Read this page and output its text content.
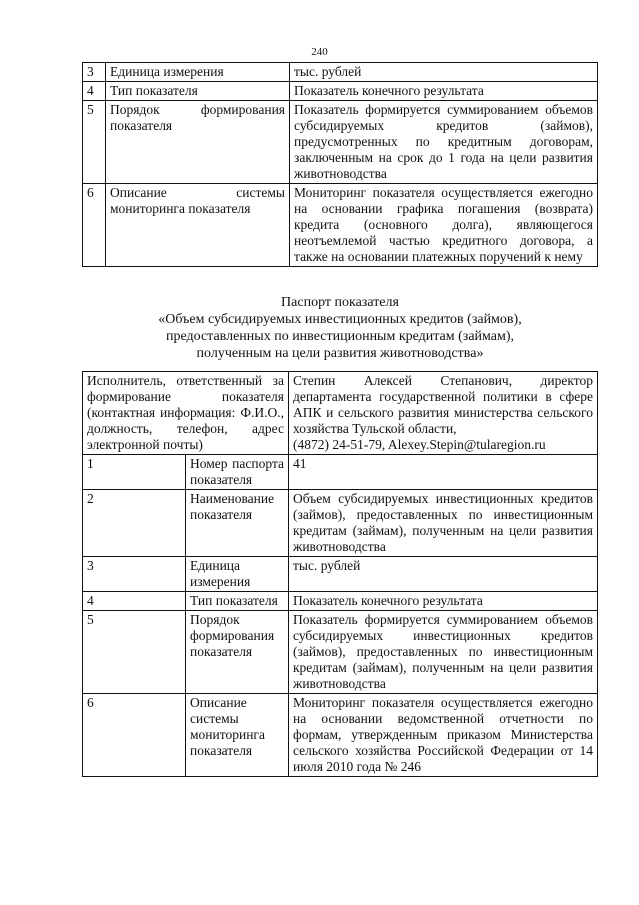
240
3	Единица измерения	тыс. рублей
4	Тип показателя	Показатель конечного результата
5	Порядок формирования показателя	Показатель формируется суммированием объемов субсидируемых кредитов (займов), предусмотренных по кредитным договорам, заключенным на срок до 1 года на цели развития животноводства
6	Описание системы мониторинга показателя	Мониторинг показателя осуществляется ежегодно на основании графика погашения (возврата) кредита (основного долга), являющегося неотъемлемой частью кредитного договора, а также на основании платежных поручений к нему
Паспорт показателя
«Объем субсидируемых инвестиционных кредитов (займов),
предоставленных по инвестиционным кредитам (займам),
полученным на цели развития животноводства»
Исполнитель, ответственный за формирование показателя (контактная информация: Ф.И.О., должность, телефон, адрес электронной почты)		Степин Алексей Степанович, директор департамента государственной политики в сфере АПК и сельского развития министерства сельского хозяйства Тульской области,
(4872) 24-51-79, Alexey.Stepin@tularegion.ru

1	Номер паспорта показателя	41
2	Наименование показателя	Объем субсидируемых инвестиционных кредитов (займов), предоставленных по инвестиционным кредитам (займам), полученным на цели развития животноводства
3	Единица измерения	тыс. рублей
4	Тип показателя	Показатель конечного результата
5	Порядок формирования показателя	Показатель формируется суммированием объемов субсидируемых инвестиционных кредитов (займов), предоставленных по инвестиционным кредитам (займам), полученным на цели развития животноводства
6	Описание системы мониторинга показателя	Мониторинг показателя осуществляется ежегодно на основании ведомственной отчетности по формам, утвержденным приказом Министерства сельского хозяйства Российской Федерации от 14 июля 2010 года № 246
